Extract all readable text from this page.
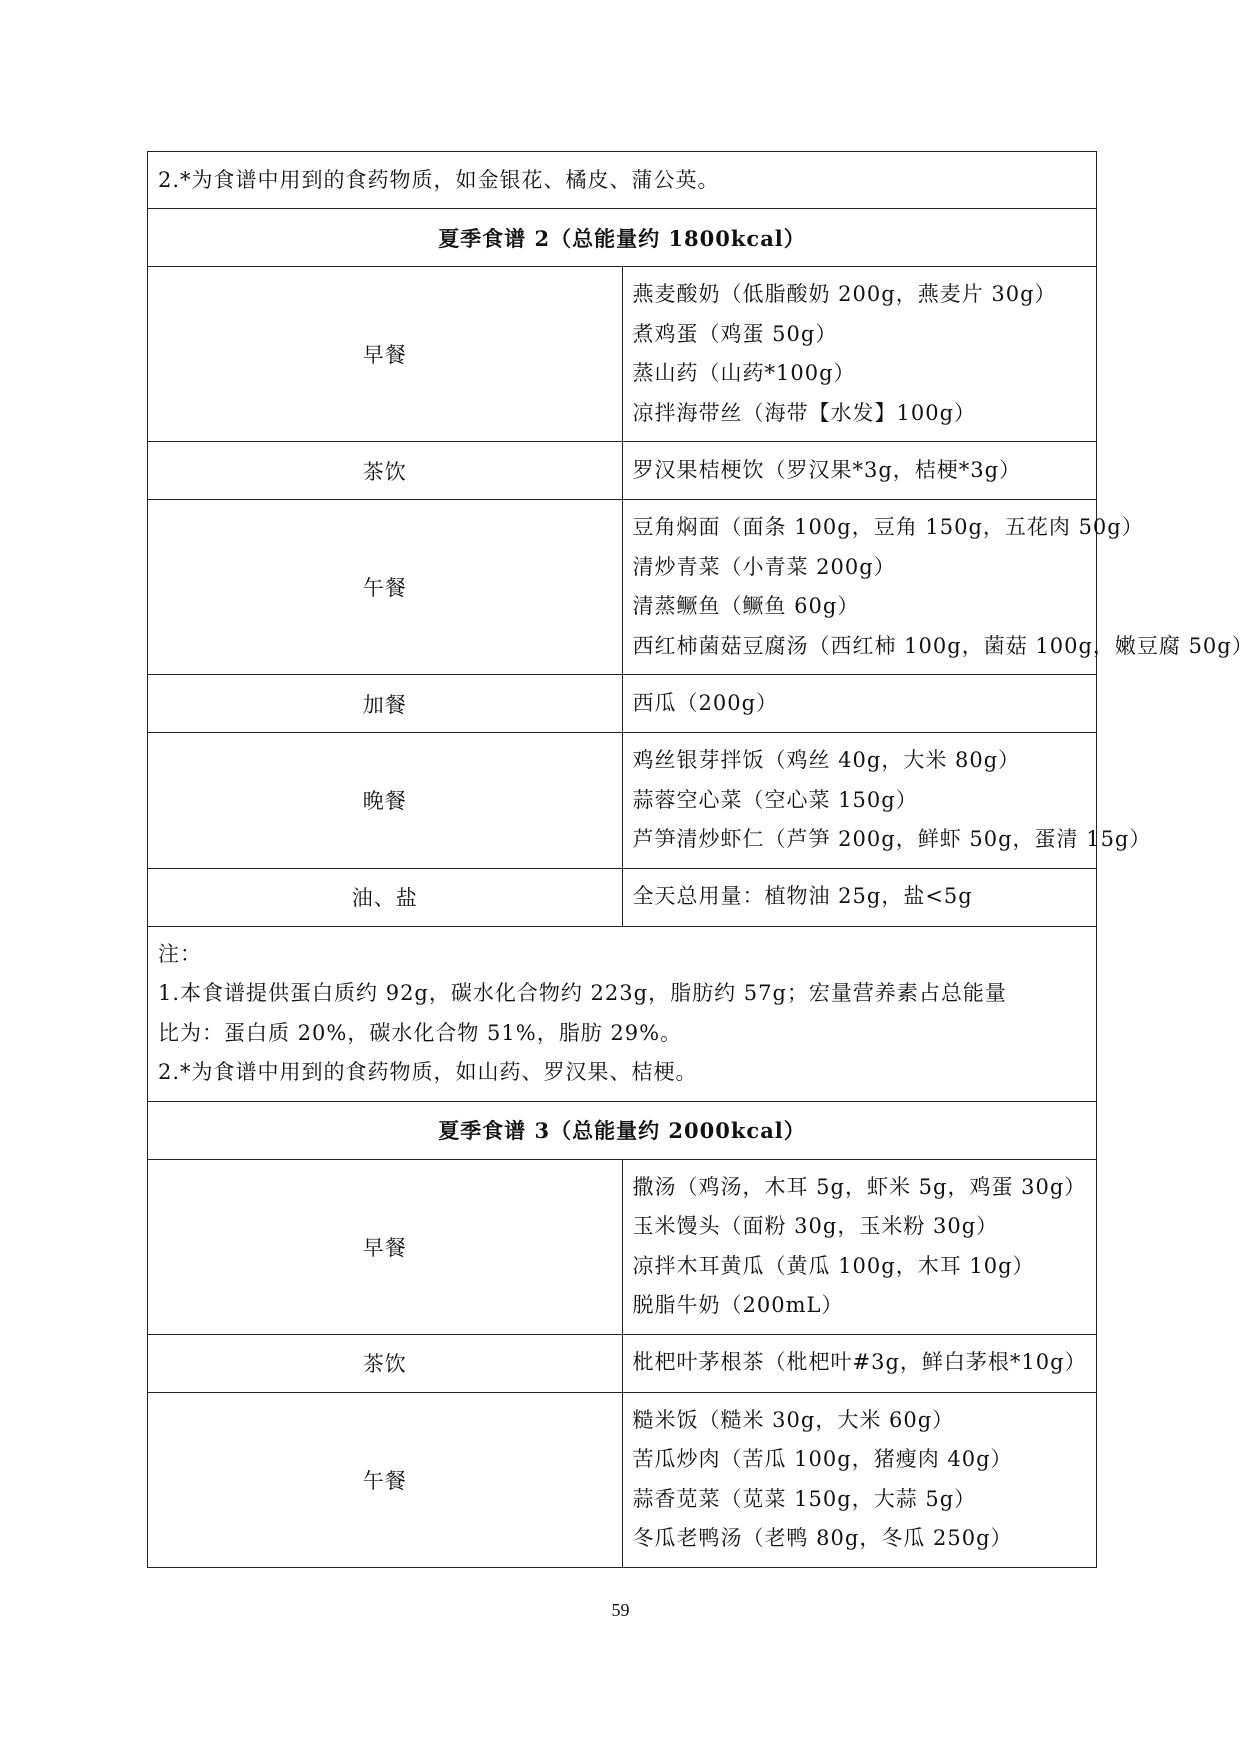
2.*为食谱中用到的食药物质，如金银花、橘皮、蒲公英。	

夏季食谱 2（总能量约 1800kcal）	
早餐	燕麦酸奶（低脂酸奶 200g，燕麦片 30g）
煮鸡蛋（鸡蛋 50g）
蒸山药（山药*100g）
凉拌海带丝（海带【水发】100g）

茶饮	罗汉果桔梗饮（罗汉果*3g，桔梗*3g）

午餐	豆角焖面（面条 100g，豆角 150g，五花肉 50g）
清炒青菜（小青菜 200g）
清蒸鳜鱼（鳜鱼 60g）
西红柿菌菇豆腐汤（西红柿 100g，菌菇 100g，嫩豆腐 50g）

加餐	西瓜（200g）

晚餐	鸡丝银芽拌饭（鸡丝 40g，大米 80g）
蒜蓉空心菜（空心菜 150g）
芦笋清炒虾仁（芦笋 200g，鲜虾 50g，蛋清 15g）

油、盐	全天总用量：植物油 25g，盐<5g

注：
1.本食谱提供蛋白质约 92g，碳水化合物约 223g，脂肪约 57g；宏量营养素占总能量
比为：蛋白质 20%，碳水化合物 51%，脂肪 29%。
2.*为食谱中用到的食药物质，如山药、罗汉果、桔梗。	

夏季食谱 3（总能量约 2000kcal）	
早餐	撒汤（鸡汤，木耳 5g，虾米 5g，鸡蛋 30g）
玉米馒头（面粉 30g，玉米粉 30g）
凉拌木耳黄瓜（黄瓜 100g，木耳 10g）
脱脂牛奶（200mL）

茶饮	枇杷叶茅根茶（枇杷叶#3g，鲜白茅根*10g）

午餐	糙米饭（糙米 30g，大米 60g）
苦瓜炒肉（苦瓜 100g，猪瘦肉 40g）
蒜香苋菜（苋菜 150g，大蒜 5g）
冬瓜老鸭汤（老鸭 80g，冬瓜 250g）
59
